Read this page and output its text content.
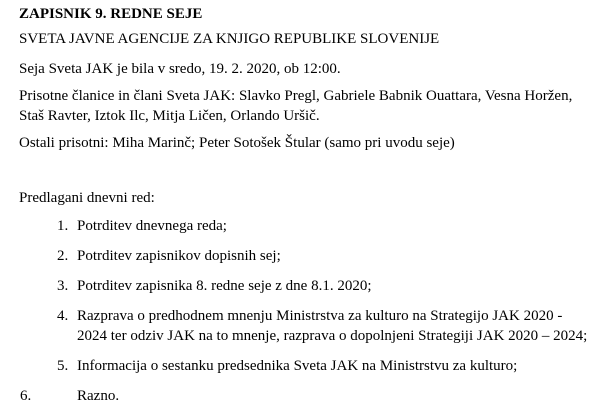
ZAPISNIK 9. REDNE SEJE

SVETA JAVNE AGENCIJE ZA KNJIGO REPUBLIKE SLOVENIJE

Seja Sveta JAK je bila v sredo, 19. 2. 2020, ob 12:00.

Prisotne članice in člani Sveta JAK: Slavko Pregl, Gabriele Babnik Ouattara, Vesna Horžen, Staš Ravter, Iztok Ilc, Mitja Ličen, Orlando Uršič.

Ostali prisotni: Miha Marinč; Peter Sotošek Štular (samo pri uvodu seje)

Predlagani dnevni red:

1. Potrditev dnevnega reda;
2. Potrditev zapisnikov dopisnih sej;
3. Potrditev zapisnika 8. redne seje z dne 8.1. 2020;
4. Razprava o predhodnem mnenju Ministrstva za kulturo na Strategijo JAK 2020 - 2024 ter odziv JAK na to mnenje, razprava o dopolnjeni Strategiji JAK 2020 – 2024;
5. Informacija o sestanku predsednika Sveta JAK na Ministrstvu za kulturo;
6.	Razno.
